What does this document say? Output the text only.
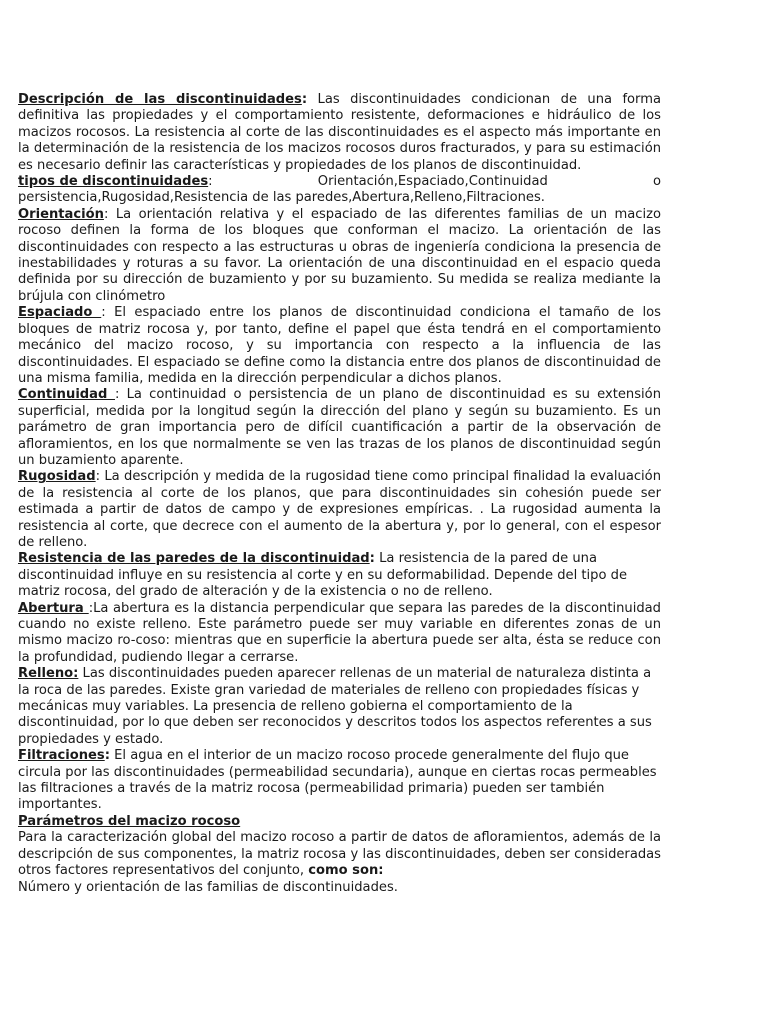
Descripción de las discontinuidades: Las discontinuidades condicionan de una forma definitiva las propiedades y el comportamiento resistente, deformaciones e hidráulico de los macizos rocosos. La resistencia al corte de las discontinuidades es el aspecto más importante en la determinación de la resistencia de los macizos rocosos duros fracturados, y para su estimación es necesario definir las características y propiedades de los planos de discontinuidad.

tipos de discontinuidades:	Orientación,Espaciado,Continuidad	o

persistencia,Rugosidad,Resistencia de las paredes,Abertura,Relleno,Filtraciones.

Orientación: La orientación relativa y el espaciado de las diferentes familias de un macizo rocoso definen la forma de los bloques que conforman el macizo. La orientación de las discontinuidades con respecto a las estructuras u obras de ingeniería condiciona la presencia de inestabilidades y roturas a su favor. La orientación de una discontinuidad en el espacio queda definida por su dirección de buzamiento y por su buzamiento. Su medida se realiza mediante la brújula con clinómetro

Espaciado : El espaciado entre los planos de discontinuidad condiciona el tamaño de los bloques de matriz rocosa y, por tanto, define el papel que ésta tendrá en el comportamiento mecánico del macizo rocoso, y su importancia con respecto a la influencia de las discontinuidades. El espaciado se define como la distancia entre dos planos de discontinuidad de una misma familia, medida en la dirección perpendicular a dichos planos.

Continuidad : La continuidad o persistencia de un plano de discontinuidad es su extensión superficial, medida por la longitud según la dirección del plano y según su buzamiento. Es un parámetro de gran importancia pero de difícil cuantificación a partir de la observación de afloramientos, en los que normalmente se ven las trazas de los planos de discontinuidad según un buzamiento aparente.

Rugosidad: La descripción y medida de la rugosidad tiene como principal finalidad la evaluación de la resistencia al corte de los planos, que para discontinuidades sin cohesión puede ser estimada a partir de datos de campo y de expresiones empíricas. . La rugosidad aumenta la resistencia al corte, que decrece con el aumento de la abertura y, por lo general, con el espesor de relleno.

Resistencia de las paredes de la discontinuidad: La resistencia de la pared de una discontinuidad influye en su resistencia al corte y en su deformabilidad. Depende del tipo de matriz rocosa, del grado de alteración y de la existencia o no de relleno.

Abertura :La abertura es la distancia perpendicular que separa las paredes de la discontinuidad cuando no existe relleno. Este parámetro puede ser muy variable en diferentes zonas de un mismo macizo ro-coso: mientras que en superficie la abertura puede ser alta, ésta se reduce con la profundidad, pudiendo llegar a cerrarse.

Relleno: Las discontinuidades pueden aparecer rellenas de un material de naturaleza distinta a la roca de las paredes. Existe gran variedad de materiales de relleno con propiedades físicas y mecánicas muy variables. La presencia de relleno gobierna el comportamiento de la discontinuidad, por lo que deben ser reconocidos y descritos todos los aspectos referentes a sus propiedades y estado.

Filtraciones: El agua en el interior de un macizo rocoso procede generalmente del flujo que circula por las discontinuidades (permeabilidad secundaria), aunque en ciertas rocas permeables las filtraciones a través de la matriz rocosa (permeabilidad primaria) pueden ser también importantes.

Parámetros del macizo rocoso

Para la caracterización global del macizo rocoso a partir de datos de afloramientos, además de la descripción de sus componentes, la matriz rocosa y las discontinuidades, deben ser consideradas otros factores representativos del conjunto, como son:

Número y orientación de las familias de discontinuidades.
